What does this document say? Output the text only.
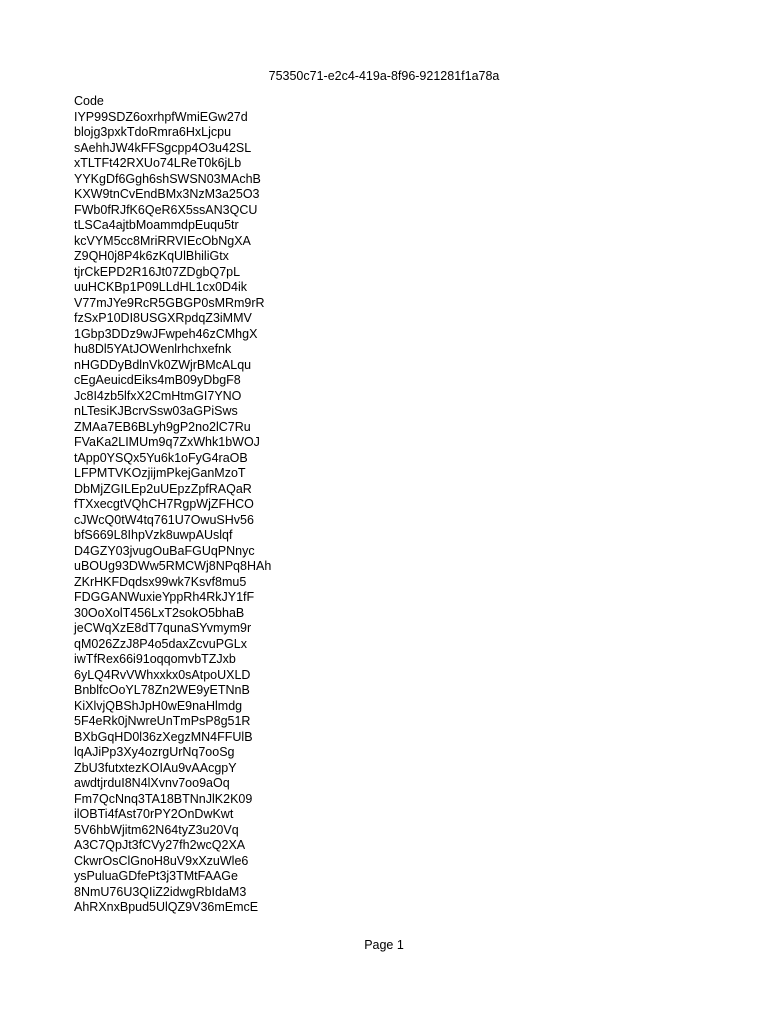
75350c71-e2c4-419a-8f96-921281f1a78a
Code
IYP99SDZ6oxrhpfWmiEGw27d
blojg3pxkTdoRmra6HxLjcpu
sAehhJW4kFFSgcpp4O3u42SL
xTLTFt42RXUo74LReT0k6jLb
YYKgDf6Ggh6shSWSN03MAchB
KXW9tnCvEndBMx3NzM3a25O3
FWb0fRJfK6QeR6X5ssAN3QCU
tLSCa4ajtbMoammdpEuqu5tr
kcVYM5cc8MriRRVIEcObNgXA
Z9QH0j8P4k6zKqUlBhiliGtx
tjrCkEPD2R16Jt07ZDgbQ7pL
uuHCKBp1P09LLdHL1cx0D4ik
V77mJYe9RcR5GBGP0sMRm9rR
fzSxP10DI8USGXRpdqZ3iMMV
1Gbp3DDz9wJFwpeh46zCMhgX
hu8Dl5YAtJOWenlrhchxefnk
nHGDDyBdlnVk0ZWjrBMcALqu
cEgAeuicdEiks4mB09yDbgF8
Jc8I4zb5lfxX2CmHtmGI7YNO
nLTesiKJBcrvSsw03aGPiSws
ZMAa7EB6BLyh9gP2no2lC7Ru
FVaKa2LIMUm9q7ZxWhk1bWOJ
tApp0YSQx5Yu6k1oFyG4raOB
LFPMTVKOzjijmPkejGanMzoT
DbMjZGILEp2uUEpzZpfRAQaR
fTXxecgtVQhCH7RgpWjZFHCO
cJWcQ0tW4tq761U7OwuSHv56
bfS669L8IhpVzk8uwpAUslqf
D4GZY03jvugOuBaFGUqPNnyc
uBOUg93DWw5RMCWj8NPq8HAh
ZKrHKFDqdsx99wk7Ksvf8mu5
FDGGANWuxieYppRh4RkJY1fF
30OoXolT456LxT2sokO5bhaB
jeCWqXzE8dT7qunaSYvmym9r
qM026ZzJ8P4o5daxZcvuPGLx
iwTfRex66i91oqqomvbTZJxb
6yLQ4RvVWhxxkx0sAtpoUXLD
BnblfcOoYL78Zn2WE9yETNnB
KiXlvjQBShJpH0wE9naHlmdg
5F4eRk0jNwreUnTmPsP8g51R
BXbGqHD0l36zXegzMN4FFUlB
lqAJiPp3Xy4ozrgUrNq7ooSg
ZbU3futxtezKOIAu9vAAcgpY
awdtjrduI8N4lXvnv7oo9aOq
Fm7QcNnq3TA18BTNnJlK2K09
ilOBTi4fAst70rPY2OnDwKwt
5V6hbWjitm62N64tyZ3u20Vq
A3C7QpJt3fCVy27fh2wcQ2XA
CkwrOsClGnoH8uV9xXzuWle6
ysPuluaGDfePt3j3TMtFAAGe
8NmU76U3QIiZ2idwgRbIdaM3
AhRXnxBpud5UlQZ9V36mEmcE
Page 1
